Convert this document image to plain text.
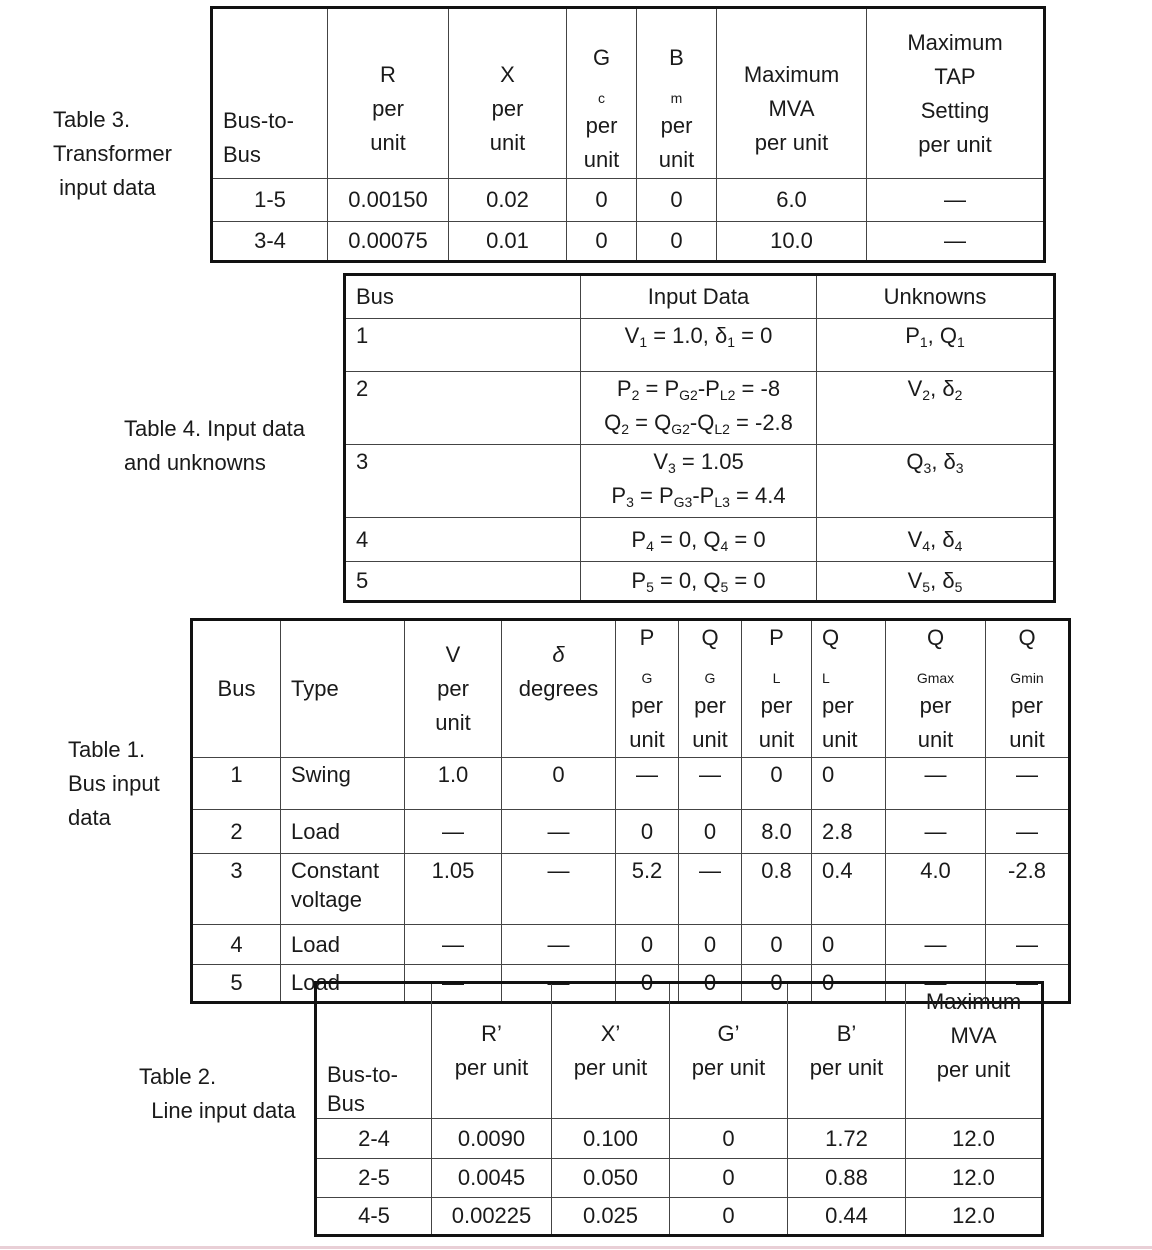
Table 3.
Transformer
input data
Bus-to-
Bus	R
per
unit	X
per
unit	G
$_c$
per
unit	B
$_m$
per
unit	Maximum
MVA
per unit	Maximum
TAP
Setting
per unit

1-5	0.00150	0.02	0	0	6.0	—
3-4	0.00075	0.01	0	0	10.0	—
Table 4. Input data
and unknowns
Bus	Input Data	Unknowns
1	$V_1 = 1.0$, $\delta_1 = 0$	$P_1$, $Q_1$

2	$P_2 = P_{G2}-P_{L2} = -8$
$Q_2 = Q_{G2}-Q_{L2} = -2.8$	$V_2$, $\delta_2$

3	$V_3 = 1.05$
$P_3 = P_{G3}-P_{L3} = 4.4$	$Q_3$, $\delta_3$

4	$P_4 = 0$, $Q_4 = 0$	$V_4$, $\delta_4$

5	$P_5 = 0$, $Q_5 = 0$	$V_5$, $\delta_5$
Table 1.
Bus input
data
Bus	Type	V
per
unit	δ
degrees	P
$_G$
per
unit	Q
$_G$
per
unit	P
$_L$
per
unit	Q
$_L$
per
unit	Q
$_{Gmax}$
per
unit	Q
$_{Gmin}$
per
unit

1	Swing	1.0	0	—	—	0	0	—	—
2	Load	—	—	0	0	8.0	2.8	—	—
3	Constant
voltage	1.05	—	5.2	—	0.8	0.4	4.0	-2.8
4	Load	—	—	0	0	0	0	—	—
5	Load	—	—	0	0	0	0	—	—
Table 2.
Line input data
Bus-to-
Bus	R’
per unit	X’
per unit	G’
per unit	B’
per unit	Maximum
MVA
per unit

2-4	0.0090	0.100	0	1.72	12.0
2-5	0.0045	0.050	0	0.88	12.0
4-5	0.00225	0.025	0	0.44	12.0
